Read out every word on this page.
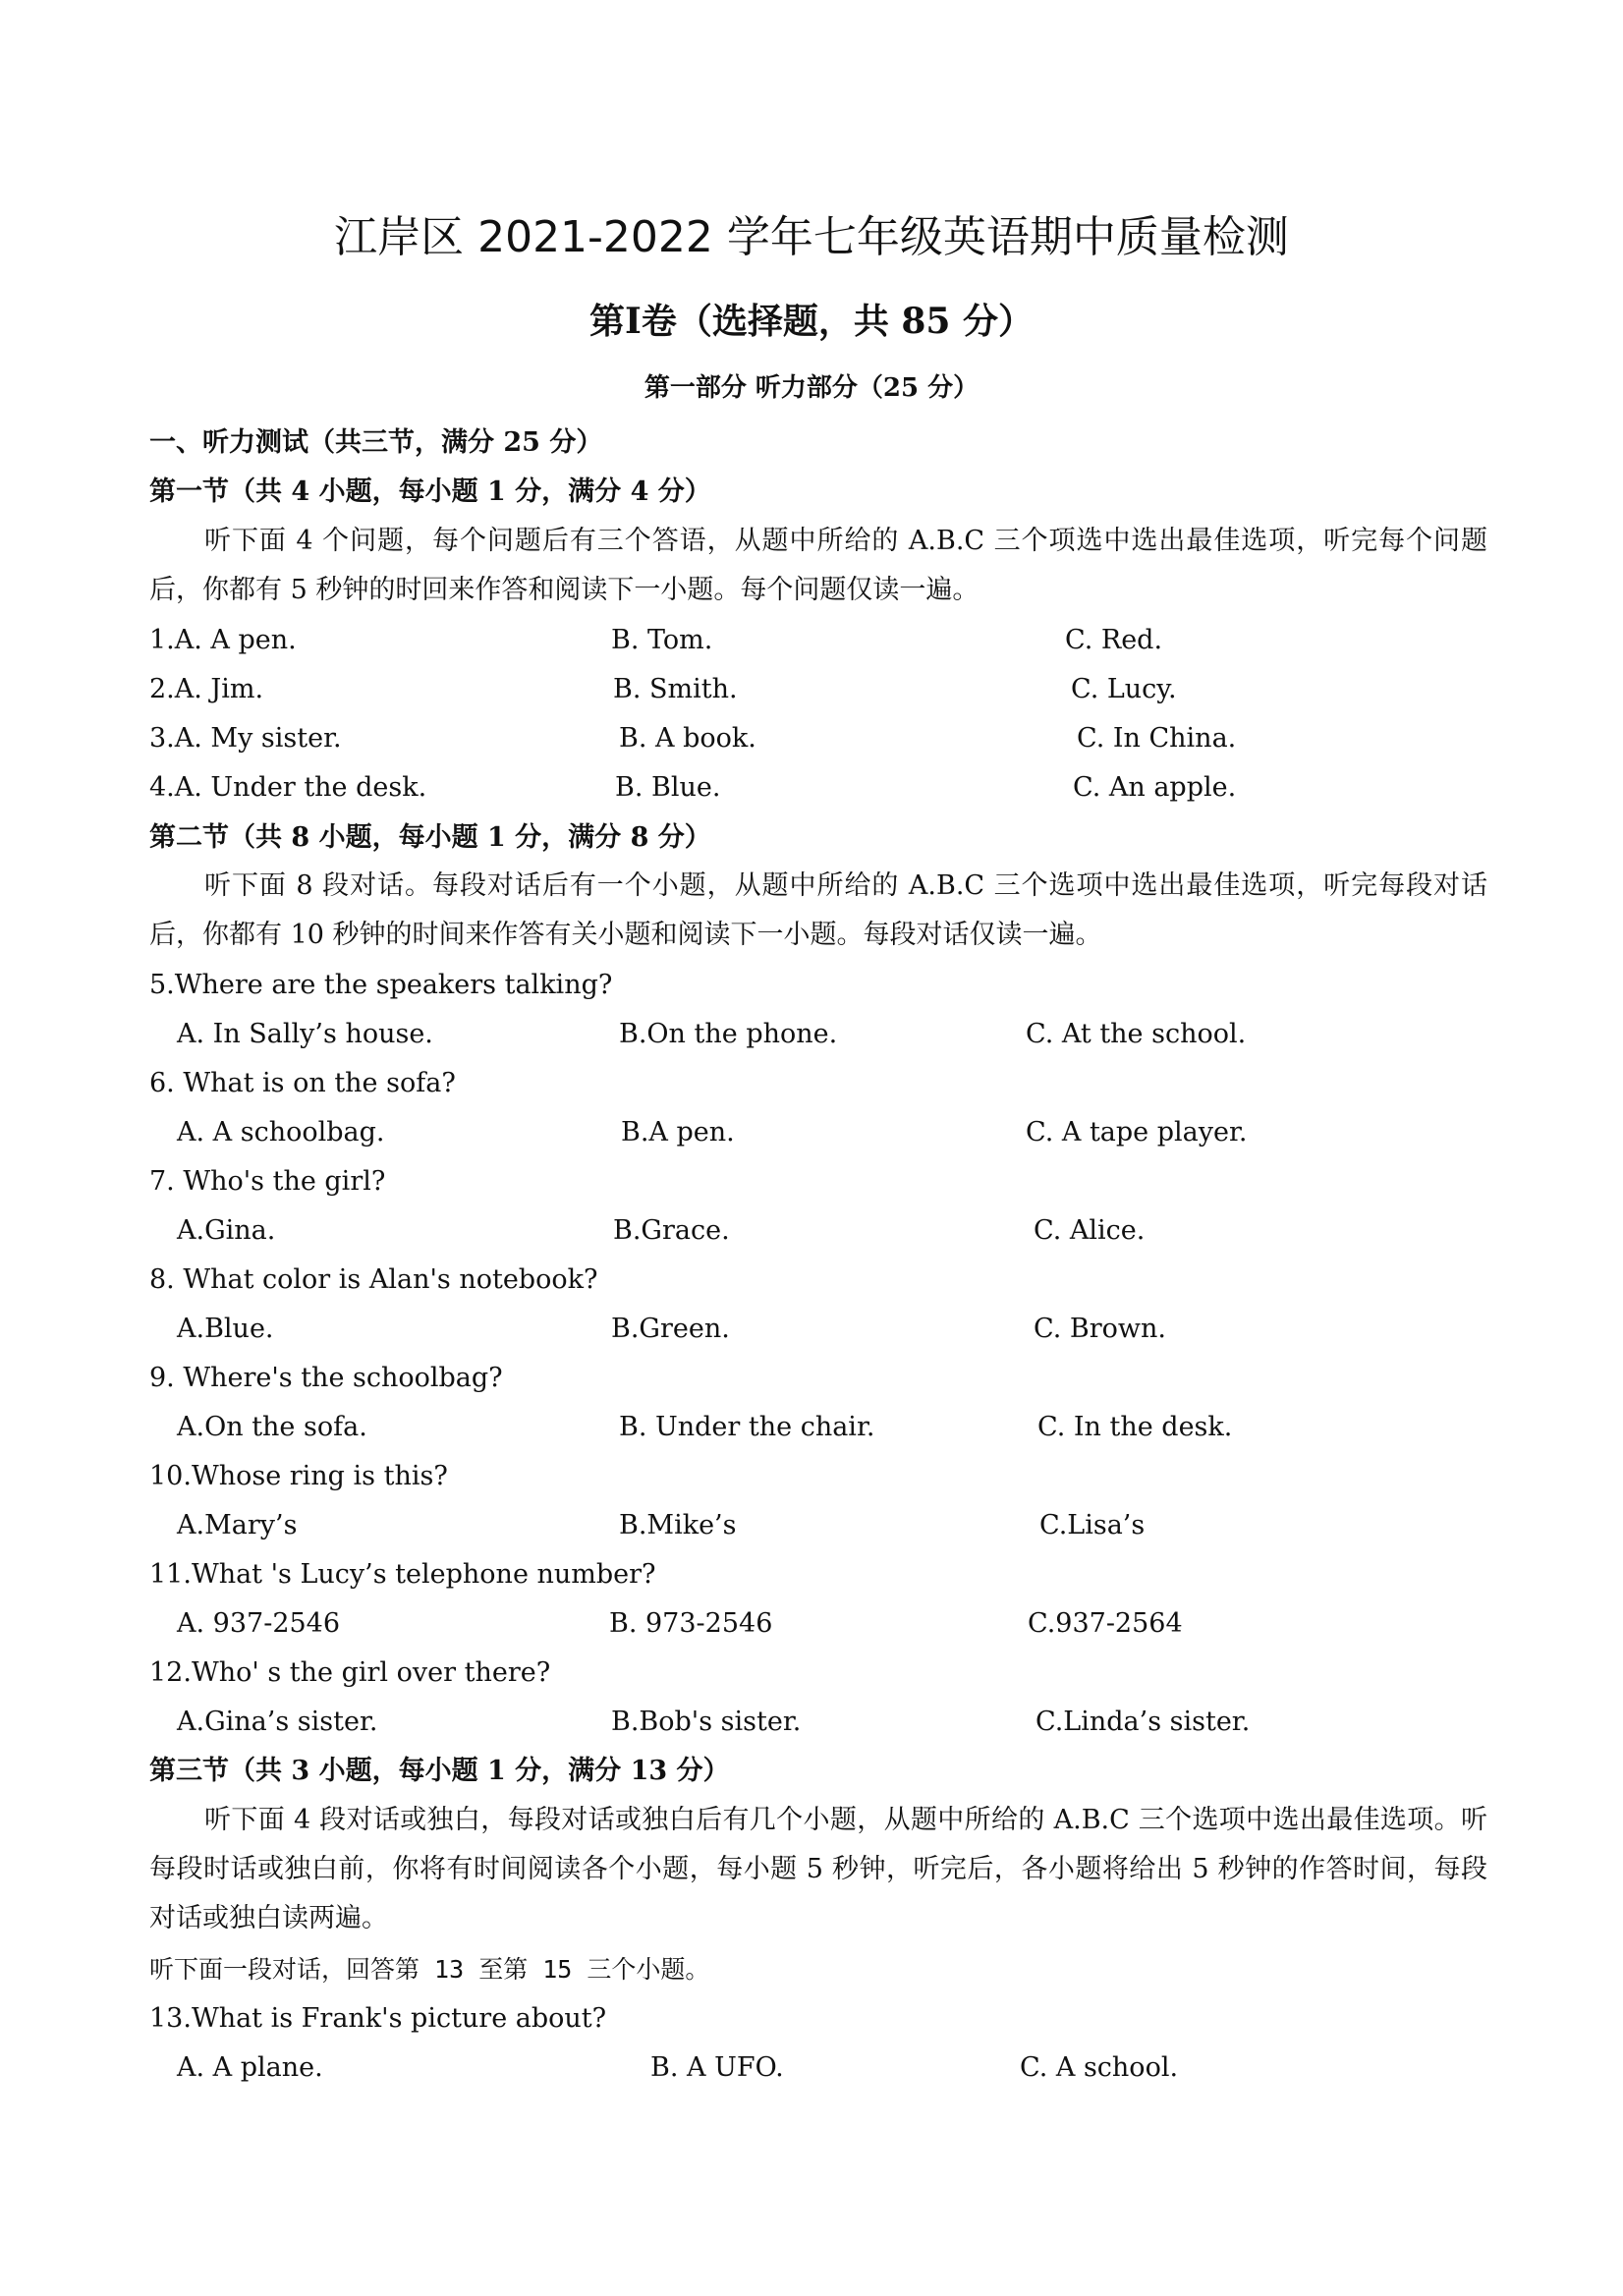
江岸区 2021-2022 学年七年级英语期中质量检测
第Ⅰ卷（选择题，共 85 分）
第一部分 听力部分（25 分）
一、听力测试（共三节，满分 25 分）
第一节（共 4 小题，每小题 1 分，满分 4 分）
听下面 4 个问题，每个问题后有三个答语，从题中所给的 A.B.C 三个项选中选出最佳选项，听完每个问题后，你都有 5 秒钟的时回来作答和阅读下一小题。每个问题仅读一遍。
1.A. A pen.	B. Tom.	C. Red.
2.A. Jim.	B. Smith.	C. Lucy.
3.A. My sister.	B. A book.	C. In China.
4.A. Under the desk.	B. Blue.	C. An apple.
第二节（共 8 小题，每小题 1 分，满分 8 分）
听下面 8 段对话。每段对话后有一个小题，从题中所给的 A.B.C 三个选项中选出最佳选项，听完每段对话后，你都有 10 秒钟的时间来作答有关小题和阅读下一小题。每段对话仅读一遍。
5.Where are the speakers talking?
A. In Sally’s house.	B.On the phone.	C. At the school.
6. What is on the sofa?
A. A schoolbag.	B.A pen.	C. A tape player.
7. Who's the girl?
A.Gina.	B.Grace.	C. Alice.
8. What color is Alan's notebook?
A.Blue.	B.Green.	C. Brown.
9. Where's the schoolbag?
A.On the sofa.	B. Under the chair.	C. In the desk.
10.Whose ring is this?
A.Mary’s	B.Mike’s	C.Lisa’s
11.What 's Lucy’s telephone number?
A. 937-2546	B. 973-2546	C.937-2564
12.Who' s the girl over there?
A.Gina’s sister.	B.Bob's sister.	C.Linda’s sister.
第三节（共 3 小题，每小题 1 分，满分 13 分）
听下面 4 段对话或独白，每段对话或独白后有几个小题，从题中所给的 A.B.C 三个选项中选出最佳选项。听每段时话或独白前，你将有时间阅读各个小题，每小题 5 秒钟，听完后，各小题将给出 5 秒钟的作答时间，每段对话或独白读两遍。
听下面一段对话，回答第 13 至第 15 三个小题。
13.What is Frank's picture about?
A. A plane.	B. A UFO.	C. A school.
